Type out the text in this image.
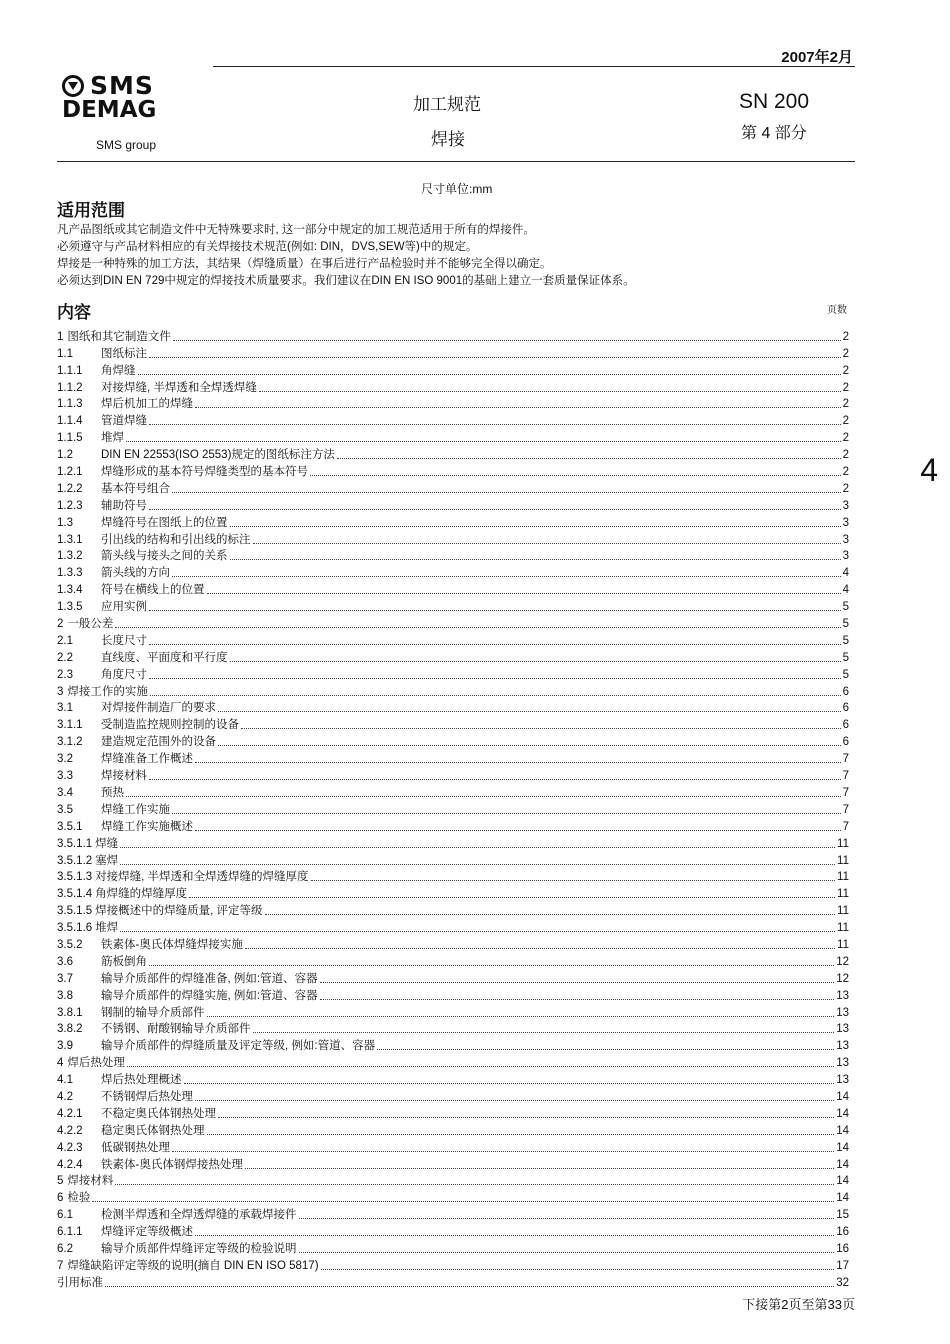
2007年2月
SMS
DEMAG
SMS group
加工规范
焊接
SN 200
第 4 部分
尺寸单位:mm
4
适用范围
凡产品图纸或其它制造文件中无特殊要求时, 这一部分中规定的加工规范适用于所有的焊接件。
必须遵守与产品材料相应的有关焊接技术规范(例如: DIN，DVS,SEW等)中的规定。
焊接是一种特殊的加工方法，其结果（焊缝质量）在事后进行产品检验时并不能够完全得以确定。
必须达到DIN EN 729中规定的焊接技术质量要求。我们建议在DIN EN ISO 9001的基础上建立一套质量保证体系。
内容	页数
1 图纸和其它制造文件	2
1.1	图纸标注	2
1.1.1	角焊缝	2
1.1.2	对接焊缝, 半焊透和全焊透焊缝	2
1.1.3	焊后机加工的焊缝	2
1.1.4	管道焊缝	2
1.1.5	堆焊	2
1.2	DIN EN 22553(ISO 2553)规定的图纸标注方法	2
1.2.1	焊缝形成的基本符号焊缝类型的基本符号	2
1.2.2	基本符号组合	2
1.2.3	辅助符号	3
1.3	焊缝符号在图纸上的位置	3
1.3.1	引出线的结构和引出线的标注	3
1.3.2	箭头线与接头之间的关系	3
1.3.3	箭头线的方向	4
1.3.4	符号在横线上的位置	4
1.3.5	应用实例	5
2 一般公差	5
2.1	长度尺寸	5
2.2	直线度、平面度和平行度	5
2.3	角度尺寸	5
3 焊接工作的实施	6
3.1	对焊接件制造厂的要求	6
3.1.1	受制造监控规则控制的设备	6
3.1.2	建造规定范围外的设备	6
3.2	焊缝准备工作概述	7
3.3	焊接材料	7
3.4	预热	7
3.5	焊缝工作实施	7
3.5.1	焊缝工作实施概述	7
3.5.1.1 焊缝	11
3.5.1.2 塞焊	11
3.5.1.3 对接焊缝, 半焊透和全焊透焊缝的焊缝厚度	11
3.5.1.4 角焊缝的焊缝厚度	11
3.5.1.5 焊接概述中的焊缝质量, 评定等级	11
3.5.1.6 堆焊	11
3.5.2	铁素体-奥氏体焊缝焊接实施	11
3.6	筋板倒角	12
3.7	输导介质部件的焊缝准备, 例如:管道、容器	12
3.8	输导介质部件的焊缝实施, 例如:管道、容器	13
3.8.1	钢制的输导介质部件	13
3.8.2	不锈钢、耐酸钢输导介质部件	13
3.9	输导介质部件的焊缝质量及评定等级, 例如:管道、容器	13
4 焊后热处理	13
4.1	焊后热处理概述	13
4.2	不锈钢焊后热处理	14
4.2.1	不稳定奥氏体钢热处理	14
4.2.2	稳定奥氏体钢热处理	14
4.2.3	低碳钢热处理	14
4.2.4	铁素体-奥氏体钢焊接热处理	14
5 焊接材料	14
6 检验	14
6.1	检测半焊透和全焊透焊缝的承载焊接件	15
6.1.1	焊缝评定等级概述	16
6.2	输导介质部件焊缝评定等级的检验说明	16
7 焊缝缺陷评定等级的说明(摘自 DIN EN ISO 5817)	17
引用标准	32
下接第2页至第33页
